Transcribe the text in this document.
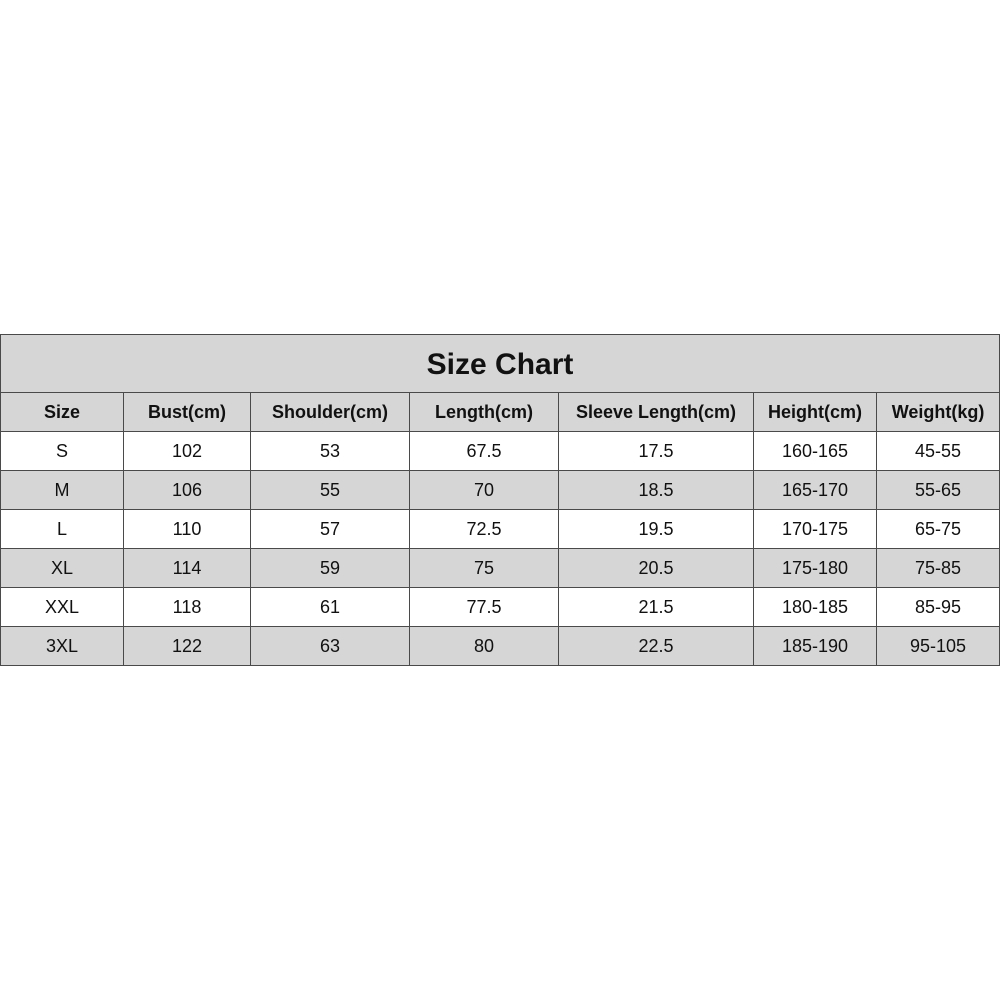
Size Chart						
Size	Bust(cm)	Shoulder(cm)	Length(cm)	Sleeve Length(cm)	Height(cm)	Weight(kg)
S	102	53	67.5	17.5	160-165	45-55
M	106	55	70	18.5	165-170	55-65
L	110	57	72.5	19.5	170-175	65-75
XL	114	59	75	20.5	175-180	75-85
XXL	118	61	77.5	21.5	180-185	85-95
3XL	122	63	80	22.5	185-190	95-105
